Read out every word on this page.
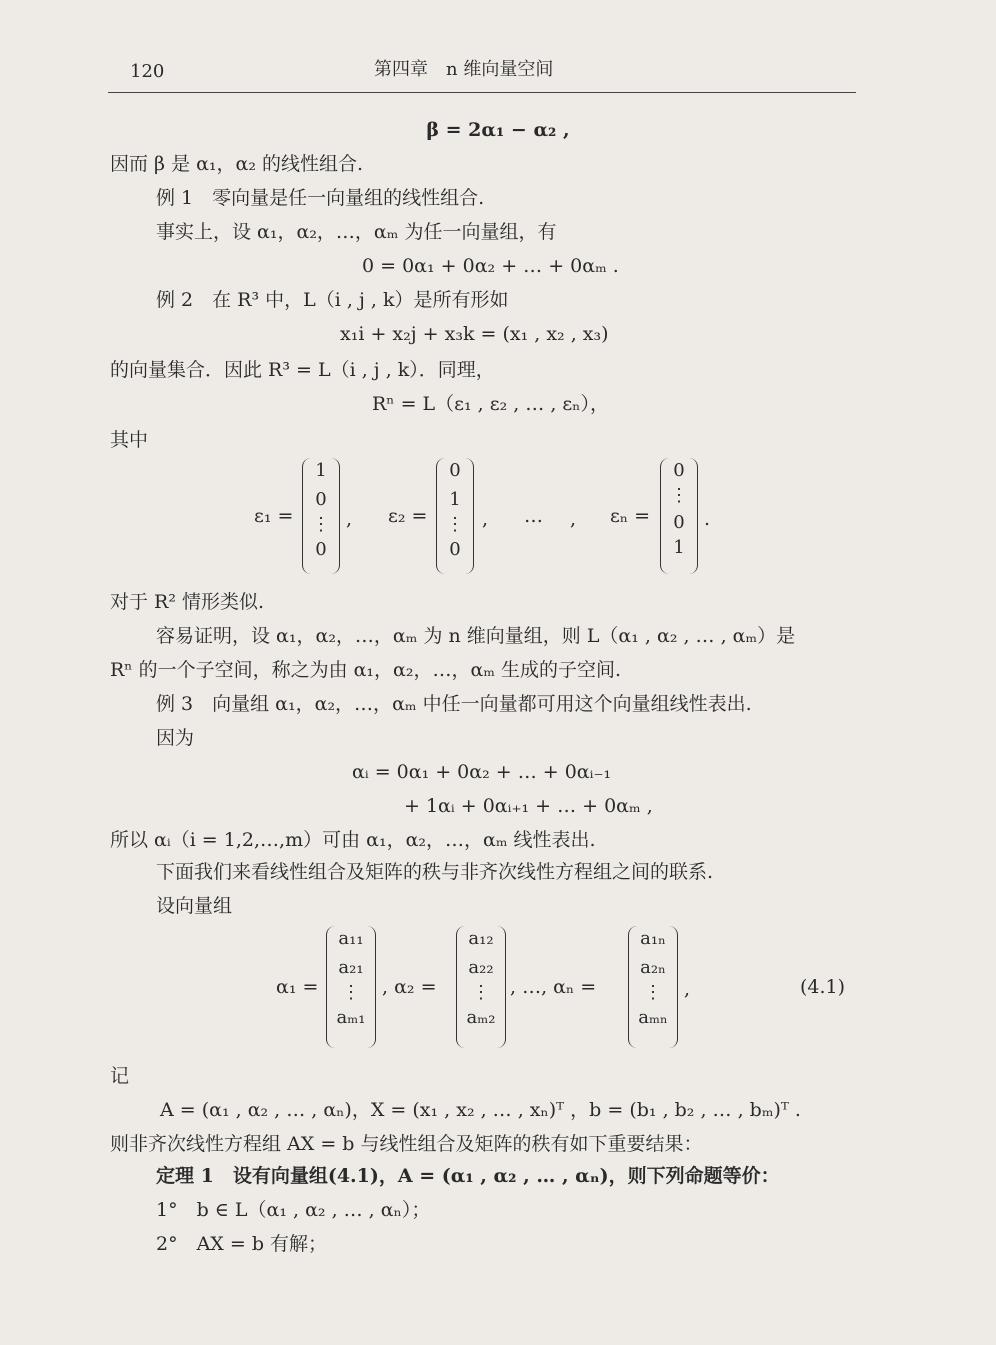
120	第四章　n 维向量空间
β = 2α₁ − α₂ ,
因而 β 是 α₁，α₂ 的线性组合.
例 1　零向量是任一向量组的线性组合.
事实上，设 α₁，α₂，…，αₘ 为任一向量组，有
0 = 0α₁ + 0α₂ + … + 0αₘ .
例 2　在 R³ 中，L（i , j , k）是所有形如
x₁i + x₂j + x₃k = (x₁ , x₂ , x₃)
的向量集合．因此 R³ = L（i , j , k）．同理，
Rⁿ = L（ε₁ , ε₂ , … , εₙ），
其中
ε₁ =
1
0
⋮
0
, ε₂ =
0
1
⋮
0
, … , εₙ =
0
⋮
0
1
.
对于 R² 情形类似.
容易证明，设 α₁，α₂，…，αₘ 为 n 维向量组，则 L（α₁ , α₂ , … , αₘ）是
Rⁿ 的一个子空间，称之为由 α₁，α₂，…，αₘ 生成的子空间.
例 3　向量组 α₁，α₂，…，αₘ 中任一向量都可用这个向量组线性表出.
因为
αᵢ = 0α₁ + 0α₂ + … + 0αᵢ₋₁
+ 1αᵢ + 0αᵢ₊₁ + … + 0αₘ ,
所以 αᵢ（i = 1,2,…,m）可由 α₁，α₂，…，αₘ 线性表出.
下面我们来看线性组合及矩阵的秩与非齐次线性方程组之间的联系.
设向量组
α₁ =
a₁₁
a₂₁
⋮
aₘ₁
, α₂ =
a₁₂
a₂₂
⋮
aₘ₂
, …, αₙ =
a₁ₙ
a₂ₙ
⋮
aₘₙ
,	(4.1)
记
A = (α₁ , α₂ , … , αₙ)，X = (x₁ , x₂ , … , xₙ)ᵀ ，b = (b₁ , b₂ , … , bₘ)ᵀ .
则非齐次线性方程组 AX = b 与线性组合及矩阵的秩有如下重要结果：
定理 1　设有向量组(4.1)，A = (α₁ , α₂ , … , αₙ)，则下列命题等价：
1°　b ∈ L（α₁ , α₂ , … , αₙ）；
2°　AX = b 有解；
